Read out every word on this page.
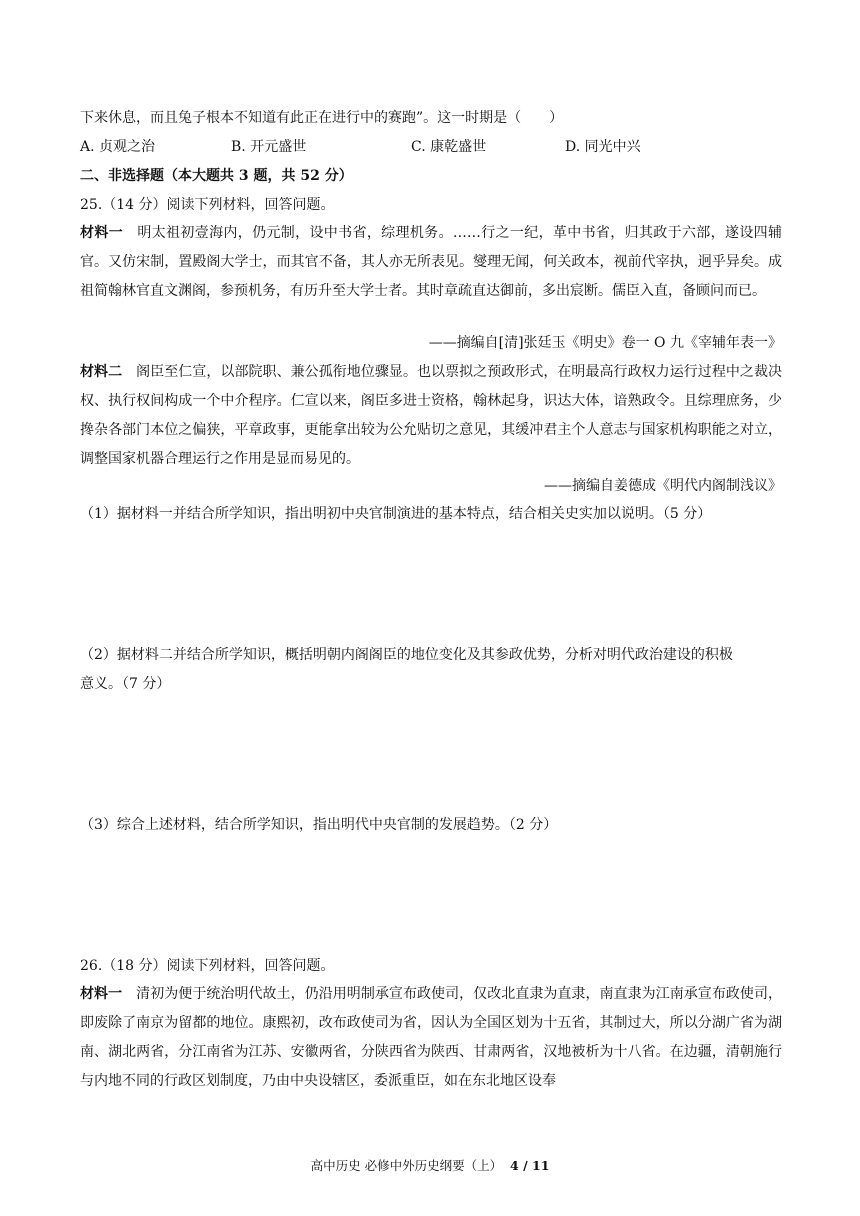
下来休息，而且兔子根本不知道有此正在进行中的赛跑”。这一时期是（　　）
A. 贞观之治	B. 开元盛世	C. 康乾盛世	D. 同光中兴
二、非选择题（本大题共 3 题，共 52 分）
25.（14 分）阅读下列材料，回答问题。
材料一　 明太祖初壹海内，仍元制，设中书省，综理机务。……行之一纪，革中书省，归其政于六部，遂设四辅官。又仿宋制，置殿阁大学士，而其官不备，其人亦无所表见。燮理无闻，何关政本，视前代宰执，迥乎异矣。成祖简翰林官直文渊阁，参预机务，有历升至大学士者。其时章疏直达御前，多出宸断。儒臣入直，备顾问而已。
——摘编自[清]张廷玉《明史》卷一 O 九《宰辅年表一》
材料二　 阁臣至仁宣，以部院职、兼公孤衔地位骤显。也以票拟之预政形式，在明最高行政权力运行过程中之裁决权、执行权间构成一个中介程序。仁宣以来，阁臣多进士资格，翰林起身，识达大体，谙熟政令。且综理庶务，少搀杂各部门本位之偏狭，平章政事，更能拿出较为公允贴切之意见，其缓冲君主个人意志与国家机构职能之对立，调整国家机器合理运行之作用是显而易见的。
——摘编自姜德成《明代内阁制浅议》
（1）据材料一并结合所学知识，指出明初中央官制演进的基本特点，结合相关史实加以说明。（5 分）
（2）据材料二并结合所学知识，概括明朝内阁阁臣的地位变化及其参政优势，分析对明代政治建设的积极
意义。（7 分）
（3）综合上述材料，结合所学知识，指出明代中央官制的发展趋势。（2 分）
26.（18 分）阅读下列材料，回答问题。
材料一　 清初为便于统治明代故土，仍沿用明制承宣布政使司，仅改北直隶为直隶，南直隶为江南承宣布政使司，即废除了南京为留都的地位。康熙初，改布政使司为省，因认为全国区划为十五省，其制过大，所以分湖广省为湖南、湖北两省，分江南省为江苏、安徽两省，分陕西省为陕西、甘肃两省，汉地被析为十八省。在边疆，清朝施行与内地不同的行政区划制度，乃由中央设辖区，委派重臣，如在东北地区设奉
高中历史 必修中外历史纲要（上） 4 / 11
